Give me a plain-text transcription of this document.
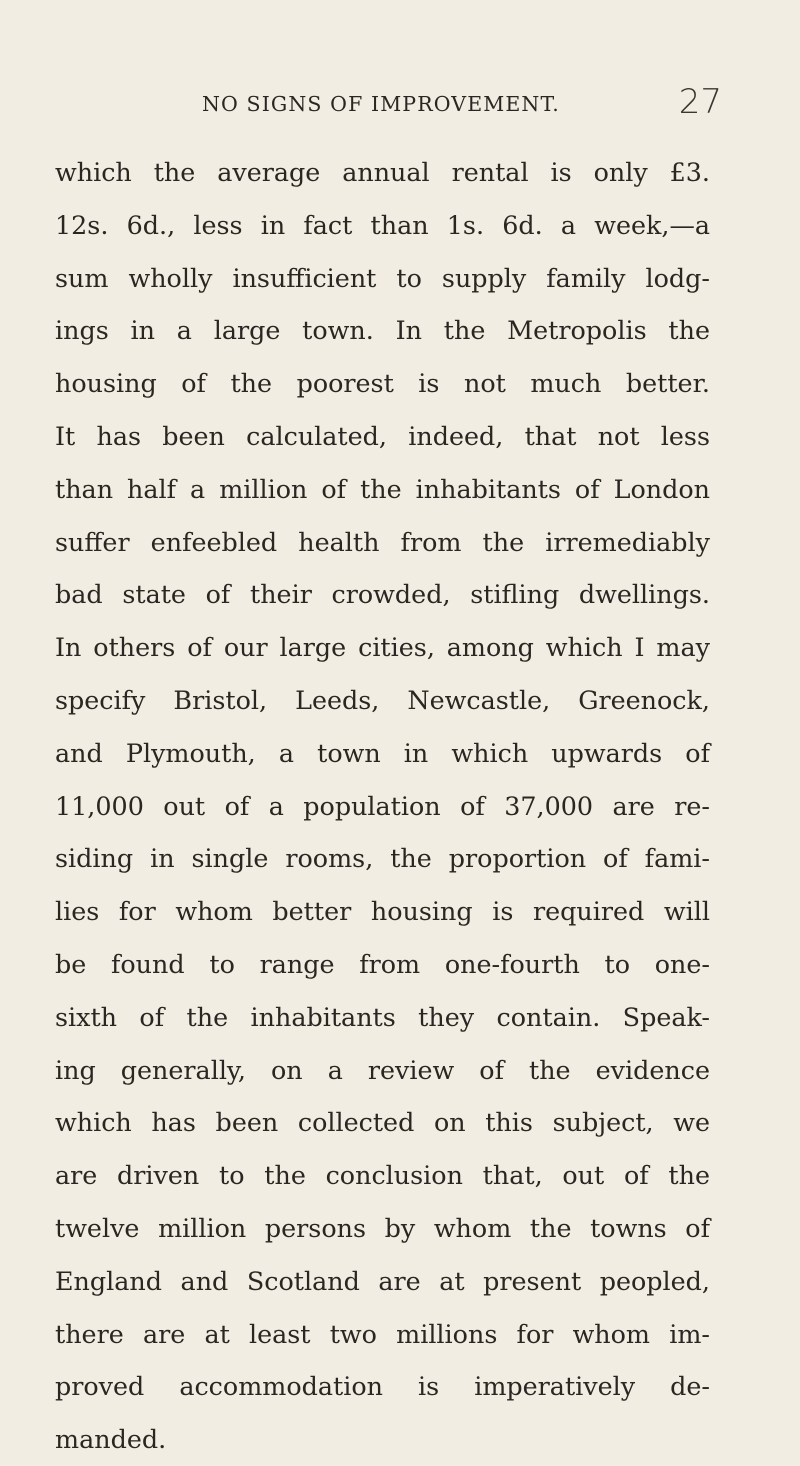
NO SIGNS OF IMPROVEMENT.	27
which the average annual rental is only £3.
12s. 6d., less in fact than 1s. 6d. a week,—a
sum wholly insufficient to supply family lodg-
ings in a large town. In the Metropolis the
housing of the poorest is not much better.
It has been calculated, indeed, that not less
than half a million of the inhabitants of London
suffer enfeebled health from the irremediably
bad state of their crowded, stifling dwellings.
In others of our large cities, among which I may
specify Bristol, Leeds, Newcastle, Greenock,
and Plymouth, a town in which upwards of
11,000 out of a population of 37,000 are re-
siding in single rooms, the proportion of fami-
lies for whom better housing is required will
be found to range from one-fourth to one-
sixth of the inhabitants they contain. Speak-
ing generally, on a review of the evidence
which has been collected on this subject, we
are driven to the conclusion that, out of the
twelve million persons by whom the towns of
England and Scotland are at present peopled,
there are at least two millions for whom im-
proved accommodation is imperatively de-
manded.
